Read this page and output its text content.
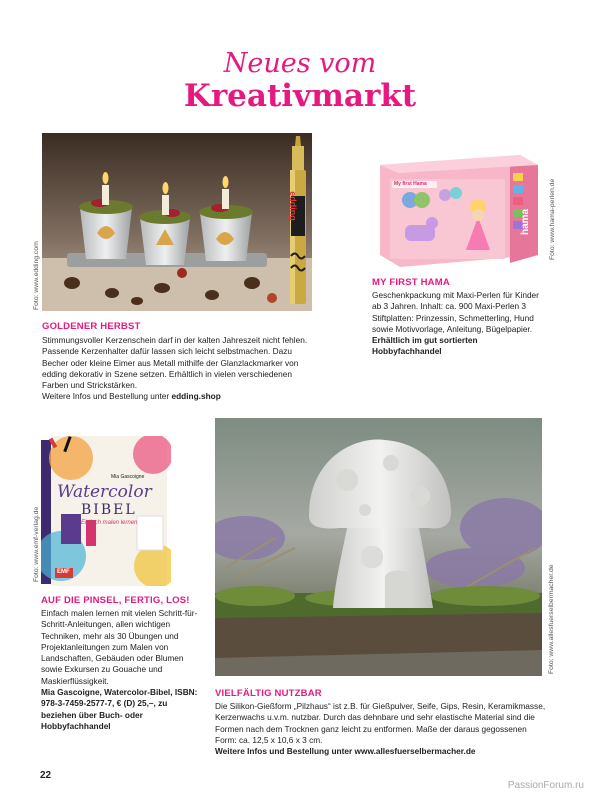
Neues vom
Kreativmarkt
edding
Foto: www.edding.com
GOLDENER HERBST
Stimmungsvoller Kerzenschein darf in der kalten Jahreszeit nicht fehlen. Passende Kerzenhalter dafür lassen sich leicht selbstmachen. Dazu Becher oder kleine Eimer aus Metall mithilfe der Glanzlackmarker von edding dekorativ in Szene setzen. Erhältlich in vielen verschiedenen Farben und Strickstärken.
Weitere Infos und Bestellung unter edding.shop
My first Hama
hama	Foto: www.hama-perlen.de
MY FIRST HAMA
Geschenkpackung mit Maxi-Perlen für Kinder ab 3 Jahren. Inhalt: ca. 900 Maxi-Perlen 3 Stiftplatten: Prinzessin, Schmetterling, Hund sowie Motivvorlage, Anleitung, Bügelpapier.
Erhältlich im gut sortierten Hobbyfachhandel
Mia Gascoigne
Watercolor
BIBEL
Einfach malen lernen
EMF
Foto: www.emf-verlag.de
AUF DIE PINSEL, FERTIG, LOS!
Einfach malen lernen mit vielen Schritt-für-Schritt-Anleitungen, allen wichtigen Techniken, mehr als 30 Übungen und Projektanleitungen zum Malen von Landschaften, Gebäuden oder Blumen sowie Exkursen zu Gouache und Maskierflüssigkeit.
Mia Gascoigne, Watercolor-Bibel, ISBN: 978-3-7459-2577-7, € (D) 25,–, zu beziehen über Buch- oder Hobbyfachhandel
Foto: www.allesfuerselbermacher.de
VIELFÄLTIG NUTZBAR
Die Silikon-Gießform „Pilzhaus“ ist z.B. für Gießpulver, Seife, Gips, Resin, Keramikmasse, Kerzenwachs u.v.m. nutzbar. Durch das dehnbare und sehr elastische Material sind die Formen nach dem Trocknen ganz leicht zu entformen. Maße der daraus gegossenen Form: ca. 12,5 x 10,6 x 3 cm.
Weitere Infos und Bestellung unter www.allesfuerselbermacher.de
22
PassionForum.ru
